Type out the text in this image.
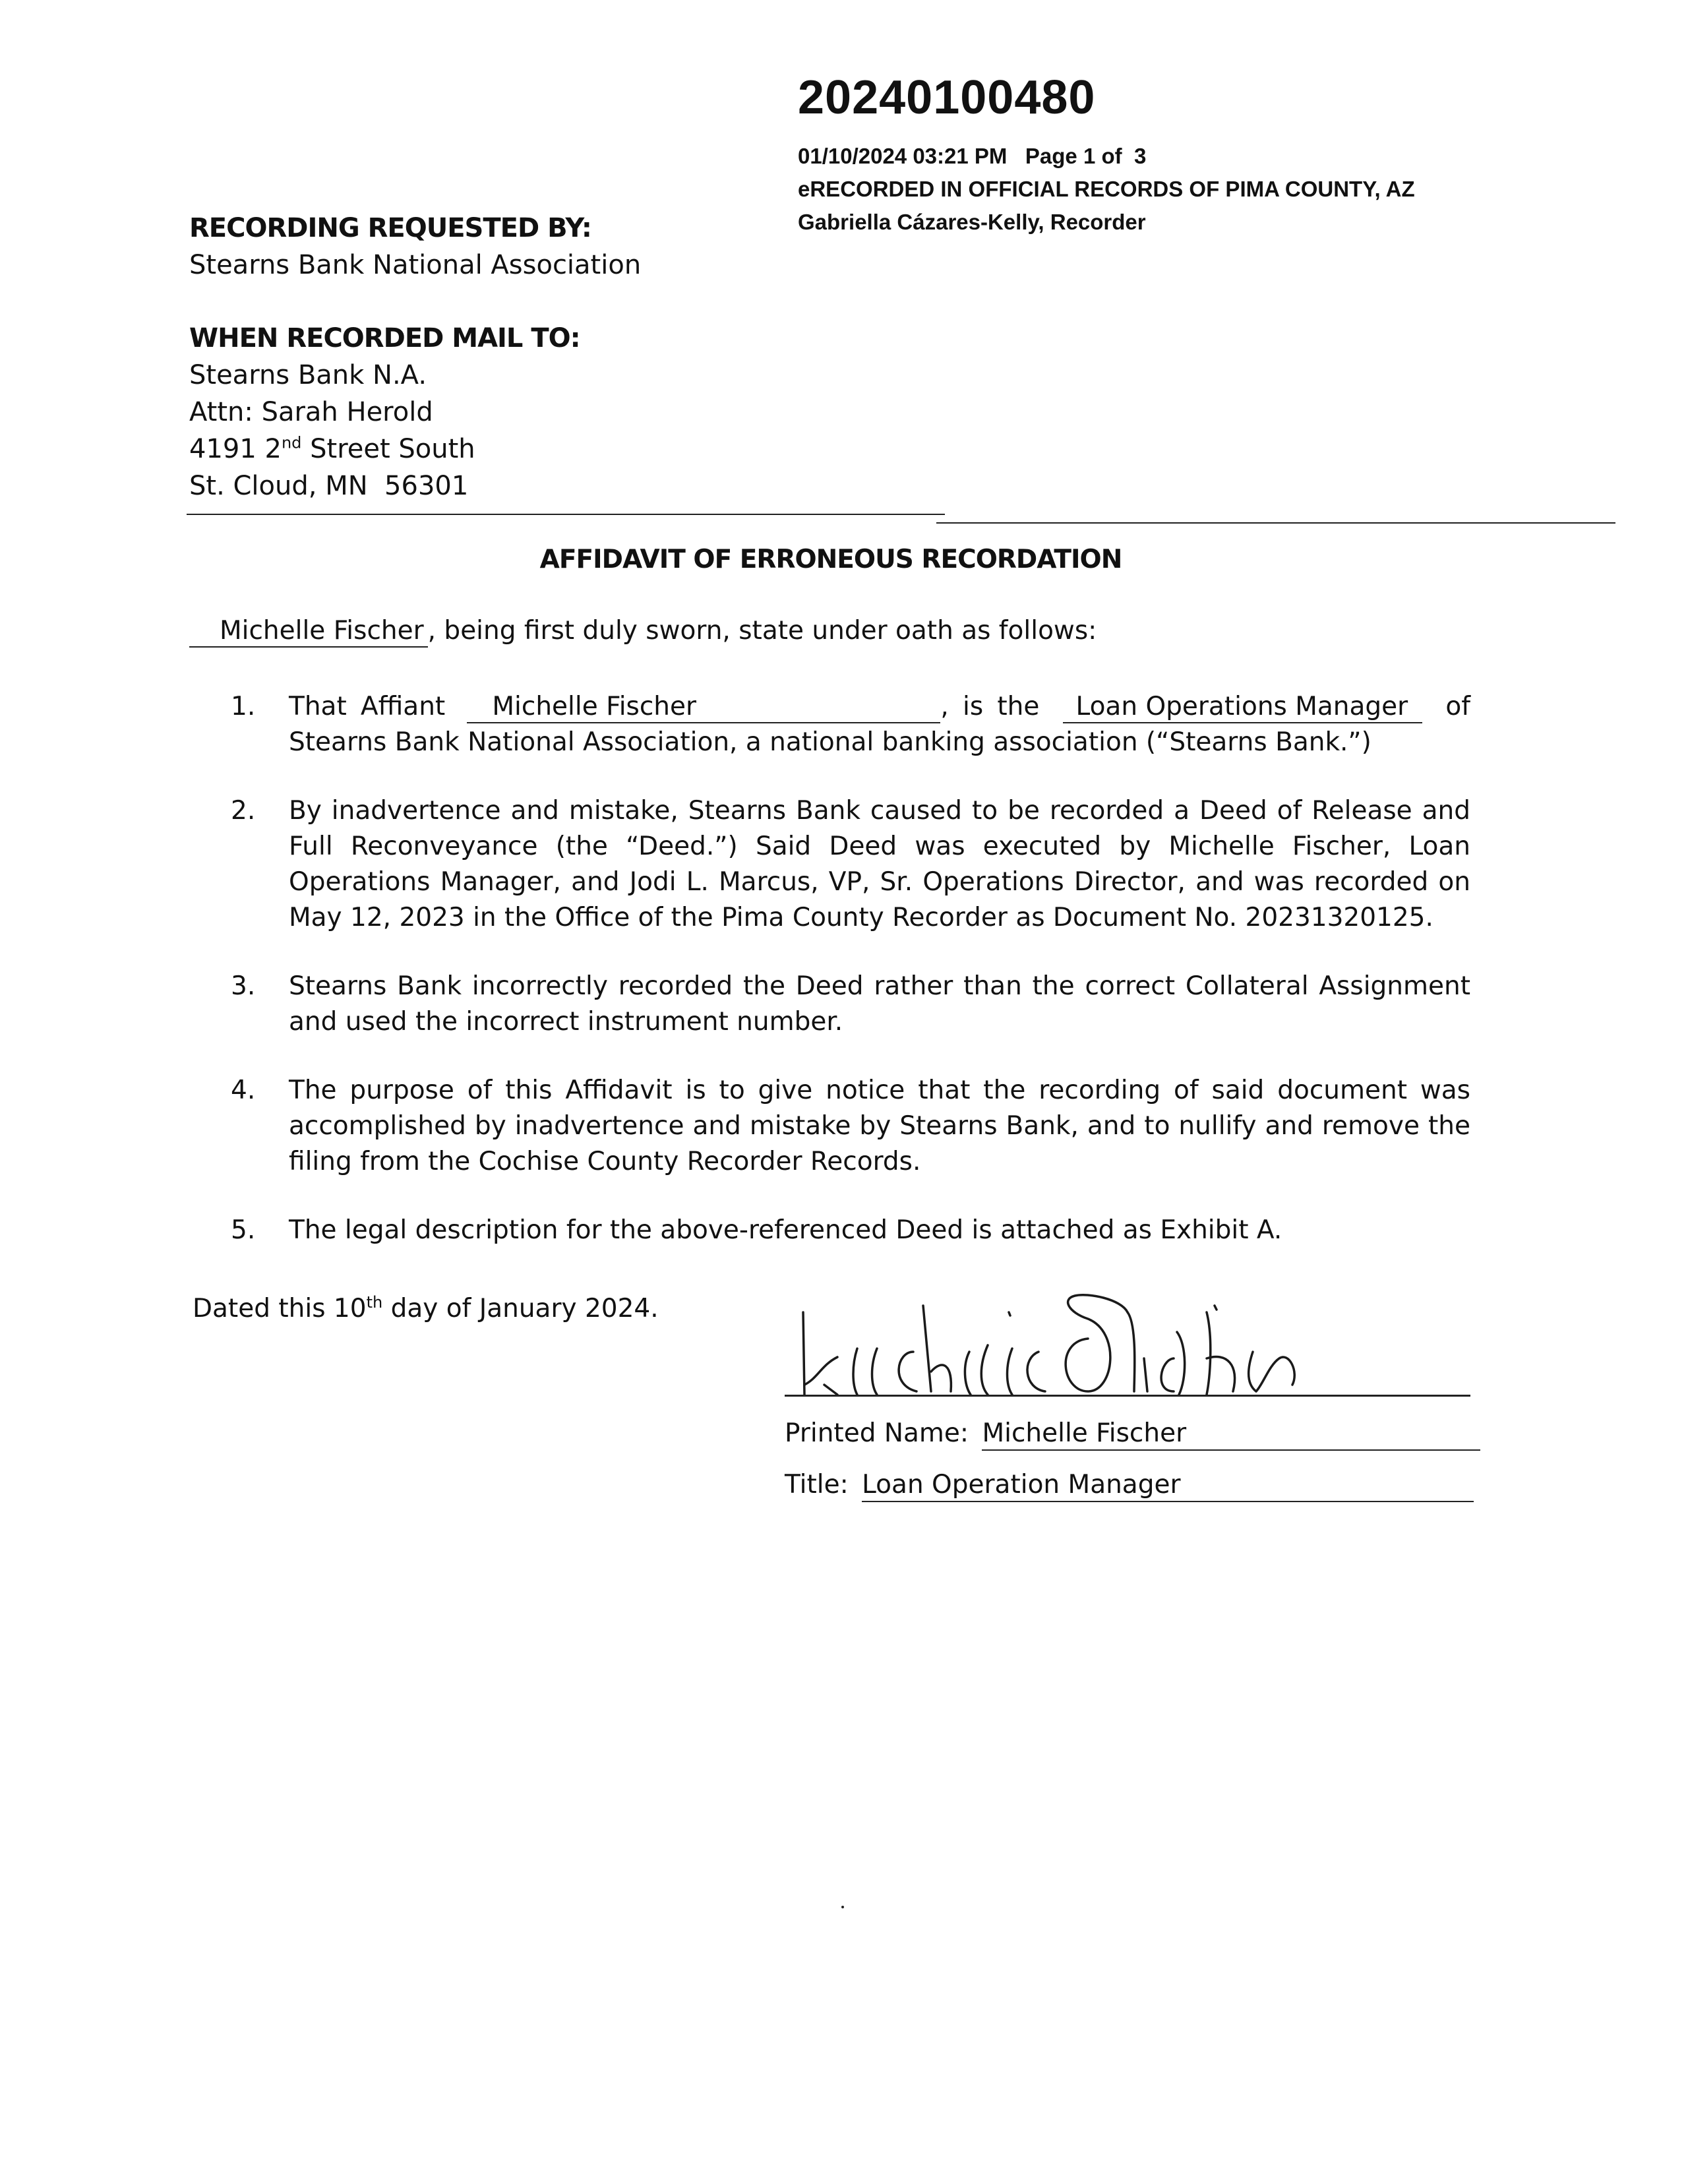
20240100480
01/10/2024 03:21 PM   Page 1 of  3
eRECORDED IN OFFICIAL RECORDS OF PIMA COUNTY, AZ
Gabriella Cázares-Kelly, Recorder
RECORDING REQUESTED BY:
Stearns Bank National Association
WHEN RECORDED MAIL TO:
Stearns Bank N.A.
Attn: Sarah Herold
4191 2nd Street South
St. Cloud, MN  56301
AFFIDAVIT OF ERRONEOUS RECORDATION
Michelle Fischer , being first duly sworn, state under oath as follows:
1.	That Affiant Michelle Fischer	, is the Loan Operations Manager of Stearns Bank National Association, a national banking association (“Stearns Bank.”)
2.	By inadvertence and mistake, Stearns Bank caused to be recorded a Deed of Release and Full Reconveyance (the “Deed.”) Said Deed was executed by Michelle Fischer, Loan Operations Manager, and Jodi L. Marcus, VP, Sr. Operations Director, and was recorded on May 12, 2023 in the Office of the Pima County Recorder as Document No. 20231320125.
3.	Stearns Bank incorrectly recorded the Deed rather than the correct Collateral Assignment and used the incorrect instrument number.
4.	The purpose of this Affidavit is to give notice that the recording of said document was accomplished by inadvertence and mistake by Stearns Bank, and to nullify and remove the filing from the Cochise County Recorder Records.
5.	The legal description for the above-referenced Deed is attached as Exhibit A.
Dated this 10th day of January 2024.
Printed Name: Michelle Fischer
Title: Loan Operation Manager
